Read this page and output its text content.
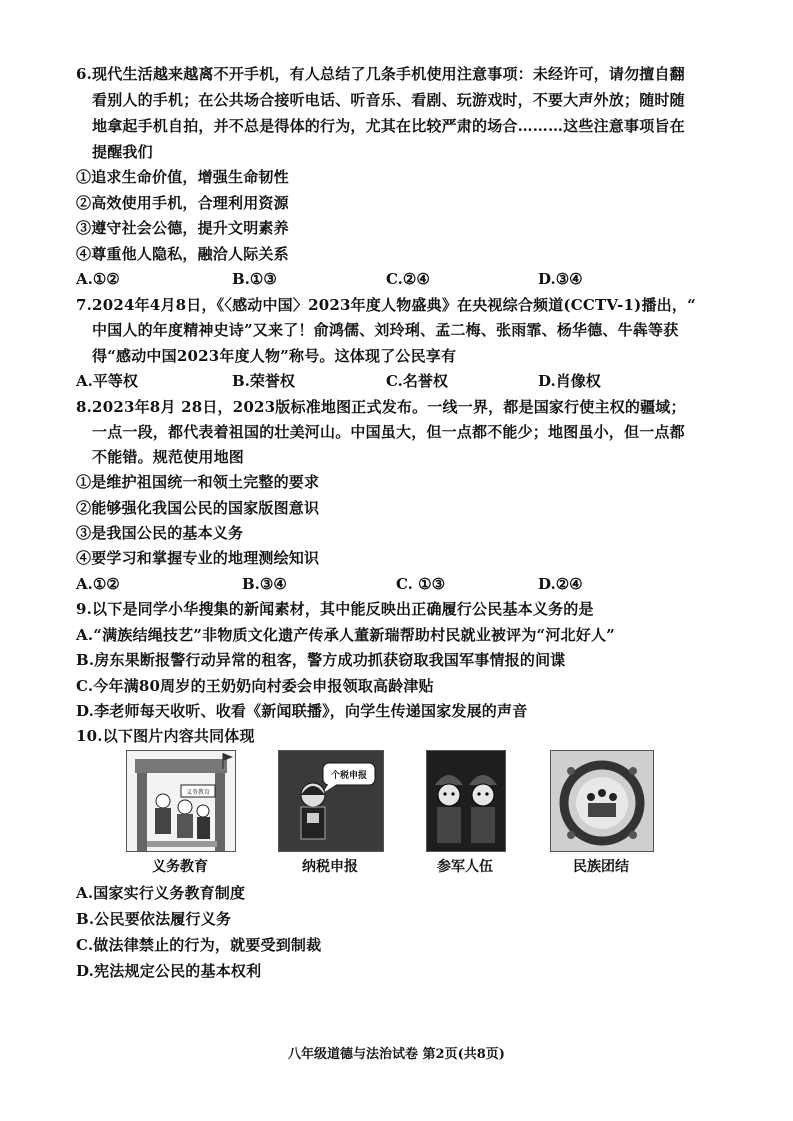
6.现代生活越来越离不开手机，有人总结了几条手机使用注意事项：未经许可，请勿擅自翻
看别人的手机；在公共场合接听电话、听音乐、看剧、玩游戏时，不要大声外放；随时随
地拿起手机自拍，并不总是得体的行为，尤其在比较严肃的场合………这些注意事项旨在
提醒我们
①追求生命价值，增强生命韧性
②高效使用手机，合理利用资源
③遵守社会公德，提升文明素养
④尊重他人隐私，融洽人际关系
A.①②	B.①③	C.②④	D.③④
7.2024年4月8日，《〈感动中国〉2023年度人物盛典》在央视综合频道(CCTV-1)播出，“
中国人的年度精神史诗”又来了！俞鸿儒、刘玲琍、孟二梅、张雨霏、杨华德、牛犇等获
得“感动中国2023年度人物”称号。这体现了公民享有
A.平等权	B.荣誉权	C.名誉权	D.肖像权
8.2023年8月 28日，2023版标准地图正式发布。一线一界，都是国家行使主权的疆域；
一点一段，都代表着祖国的壮美河山。中国虽大，但一点都不能少；地图虽小，但一点都
不能错。规范使用地图
①是维护祖国统一和领土完整的要求
②能够强化我国公民的国家版图意识
③是我国公民的基本义务
④要学习和掌握专业的地理测绘知识
A.①②	B.③④	C. ①③	D.②④
9.以下是同学小华搜集的新闻素材，其中能反映出正确履行公民基本义务的是
A.“满族结绳技艺”非物质文化遗产传承人董新瑞帮助村民就业被评为“河北好人”
B.房东果断报警行动异常的租客，警方成功抓获窃取我国军事情报的间谍
C.今年满80周岁的王奶奶向村委会申报领取高龄津贴
D.李老师每天收听、收看《新闻联播》，向学生传递国家发展的声音
10.以下图片内容共同体现
义务教育
个税申报
义务教育	纳税申报	参军人伍	民族团结
A.国家实行义务教育制度
B.公民要依法履行义务
C.做法律禁止的行为，就要受到制裁
D.宪法规定公民的基本权利
八年级道德与法治试卷 第2页(共8页)
